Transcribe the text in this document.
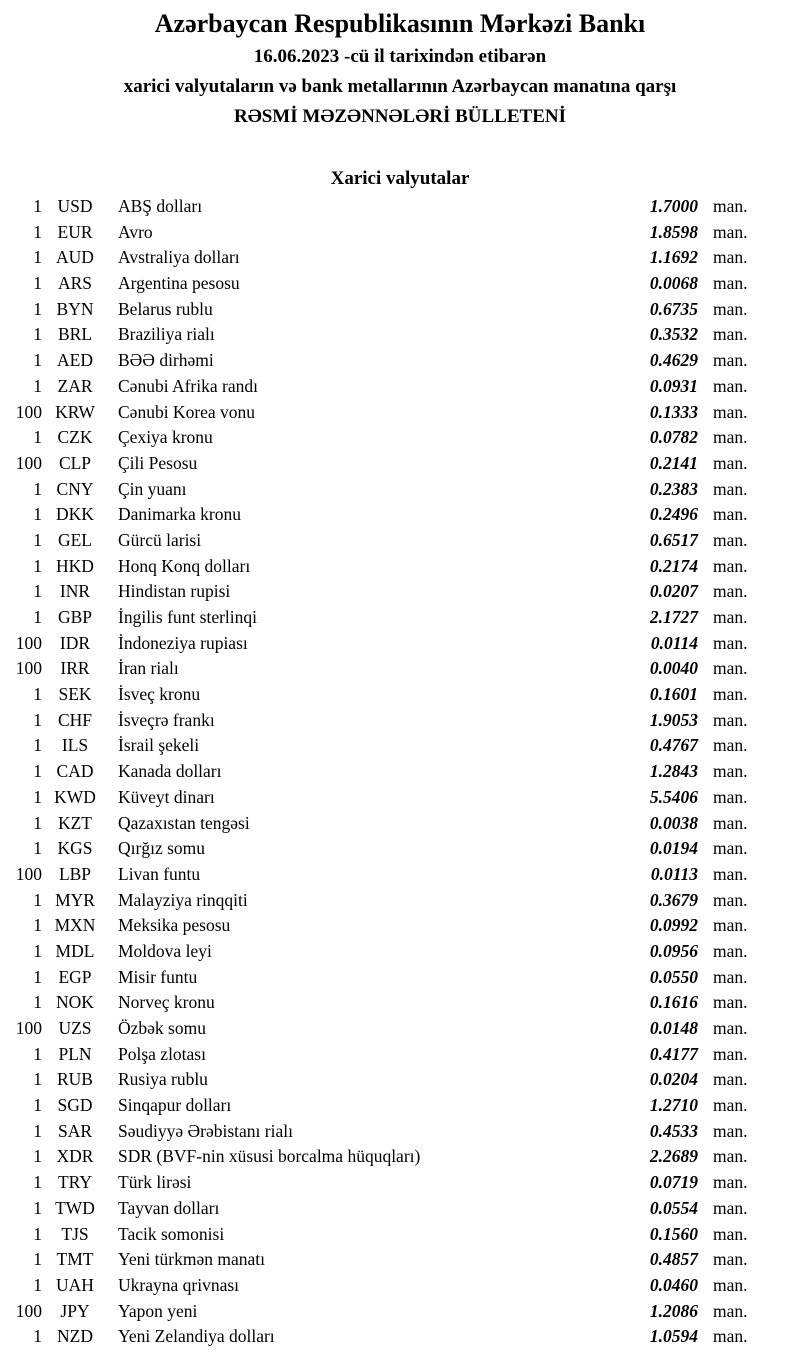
Azərbaycan Respublikasının Mərkəzi Bankı
16.06.2023 -cü il tarixindən etibarən
xarici valyutaların və bank metallarının Azərbaycan manatına qarşı
RƏSMİ MƏZƏNNƏLƏRİ BÜLLETENİ
Xarici valyutalar
1 USD	ABŞ dolları	1.7000 man.
1 EUR	Avro	1.8598 man.
1 AUD	Avstraliya dolları	1.1692 man.
1 ARS	Argentina pesosu	0.0068 man.
1 BYN	Belarus rublu	0.6735 man.
1 BRL	Braziliya rialı	0.3532 man.
1 AED	BƏƏ dirhəmi	0.4629 man.
1 ZAR	Cənubi Afrika randı	0.0931 man.
100 KRW	Cənubi Korea vonu	0.1333 man.
1 CZK	Çexiya kronu	0.0782 man.
100 CLP	Çili Pesosu	0.2141 man.
1 CNY	Çin yuanı	0.2383 man.
1 DKK	Danimarka kronu	0.2496 man.
1 GEL	Gürcü larisi	0.6517 man.
1 HKD	Honq Konq dolları	0.2174 man.
1	INR	Hindistan rupisi	0.0207 man.
1 GBP	İngilis funt sterlinqi	2.1727 man.
100	IDR	İndoneziya rupiası	0.0114 man.
100	IRR	İran rialı	0.0040 man.
1 SEK	İsveç kronu	0.1601 man.
1 CHF	İsveçrə frankı	1.9053 man.
1	ILS	İsrail şekeli	0.4767 man.
1 CAD	Kanada dolları	1.2843 man.
1 KWD	Küveyt dinarı	5.5406 man.
1 KZT	Qazaxıstan tengəsi	0.0038 man.
1 KGS	Qırğız somu	0.0194 man.
100 LBP	Livan funtu	0.0113 man.
1 MYR	Malayziya rinqqiti	0.3679 man.
1 MXN	Meksika pesosu	0.0992 man.
1 MDL	Moldova leyi	0.0956 man.
1 EGP	Misir funtu	0.0550 man.
1 NOK	Norveç kronu	0.1616 man.
100 UZS	Özbək somu	0.0148 man.
1 PLN	Polşa zlotası	0.4177 man.
1 RUB	Rusiya rublu	0.0204 man.
1 SGD	Sinqapur dolları	1.2710 man.
1 SAR	Səudiyyə Ərəbistanı rialı	0.4533 man.
1 XDR	SDR (BVF-nin xüsusi borcalma hüquqları)	2.2689 man.
1 TRY	Türk lirəsi	0.0719 man.
1 TWD	Tayvan dolları	0.0554 man.
1	TJS	Tacik somonisi	0.1560 man.
1 TMT	Yeni türkmən manatı	0.4857 man.
1 UAH	Ukrayna qrivnası	0.0460 man.
100	JPY	Yapon yeni	1.2086 man.
1 NZD	Yeni Zelandiya dolları	1.0594 man.
